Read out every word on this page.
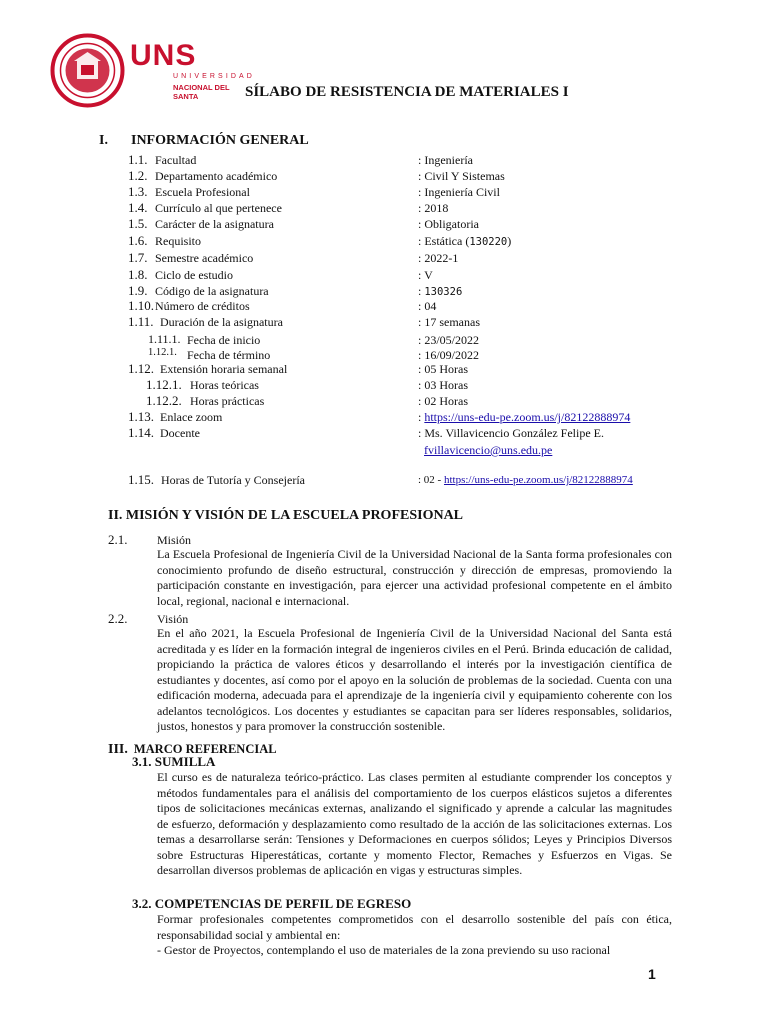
UNS
UNIVERSIDAD
NACIONAL DEL SANTA	SÍLABO DE RESISTENCIA DE MATERIALES I
I. INFORMACIÓN GENERAL
1.1. Facultad	: Ingeniería
1.2. Departamento académico	: Civil Y Sistemas
1.3. Escuela Profesional	: Ingeniería Civil
1.4. Currículo al que pertenece	: 2018
1.5. Carácter de la asignatura	: Obligatoria
1.6. Requisito	: Estática (130220)
1.7. Semestre académico	: 2022-1
1.8. Ciclo de estudio	: V
1.9. Código de la asignatura	: 130326
1.10. Número de créditos	: 04
1.11. Duración de la asignatura	: 17 semanas
1.11.1. Fecha de inicio	: 23/05/2022
1.12.1. Fecha de término	: 16/09/2022
1.12. Extensión horaria semanal	: 05 Horas
1.12.1. Horas teóricas	: 03 Horas
1.12.2. Horas prácticas	: 02 Horas
1.13. Enlace zoom	: https://uns-edu-pe.zoom.us/j/82122888974
1.14. Docente	: Ms. Villavicencio González Felipe E.
fvillavicencio@uns.edu.pe
1.15. Horas de Tutoría y Consejería	: 02 - https://uns-edu-pe.zoom.us/j/82122888974
II. MISIÓN Y VISIÓN DE LA ESCUELA PROFESIONAL
2.1. Misión
La Escuela Profesional de Ingeniería Civil de la Universidad Nacional de la Santa forma profesionales con conocimiento profundo de diseño estructural, construcción y dirección de empresas, promoviendo la participación constante en investigación, para ejercer una actividad profesional competente en el ámbito local, regional, nacional e internacional.
2.2. Visión
En el año 2021, la Escuela Profesional de Ingeniería Civil de la Universidad Nacional del Santa está acreditada y es líder en la formación integral de ingenieros civiles en el Perú. Brinda educación de calidad, propiciando la práctica de valores éticos y desarrollando el interés por la investigación científica de estudiantes y docentes, así como por el apoyo en la solución de problemas de la sociedad. Cuenta con una edificación moderna, adecuada para el aprendizaje de la ingeniería civil y equipamiento coherente con los adelantos tecnológicos. Los docentes y estudiantes se capacitan para ser líderes responsables, solidarios, justos, honestos y para promover la construcción sostenible.
III. MARCO REFERENCIAL
3.1. SUMILLA
El curso es de naturaleza teórico-práctico. Las clases permiten al estudiante comprender los conceptos y métodos fundamentales para el análisis del comportamiento de los cuerpos elásticos sujetos a diferentes tipos de solicitaciones mecánicas externas, analizando el significado y aprende a calcular las magnitudes de esfuerzo, deformación y desplazamiento como resultado de la acción de las solicitaciones externas. Los temas a desarrollarse serán: Tensiones y Deformaciones en cuerpos sólidos; Leyes y Principios Diversos sobre Estructuras Hiperestáticas, cortante y momento Flector, Remaches y Esfuerzos en Vigas. Se desarrollan diversos problemas de aplicación en vigas y estructuras simples.
3.2. COMPETENCIAS DE PERFIL DE EGRESO
Formar profesionales competentes comprometidos con el desarrollo sostenible del país con ética, responsabilidad social y ambiental en:
- Gestor de Proyectos, contemplando el uso de materiales de la zona previendo su uso racional
1
